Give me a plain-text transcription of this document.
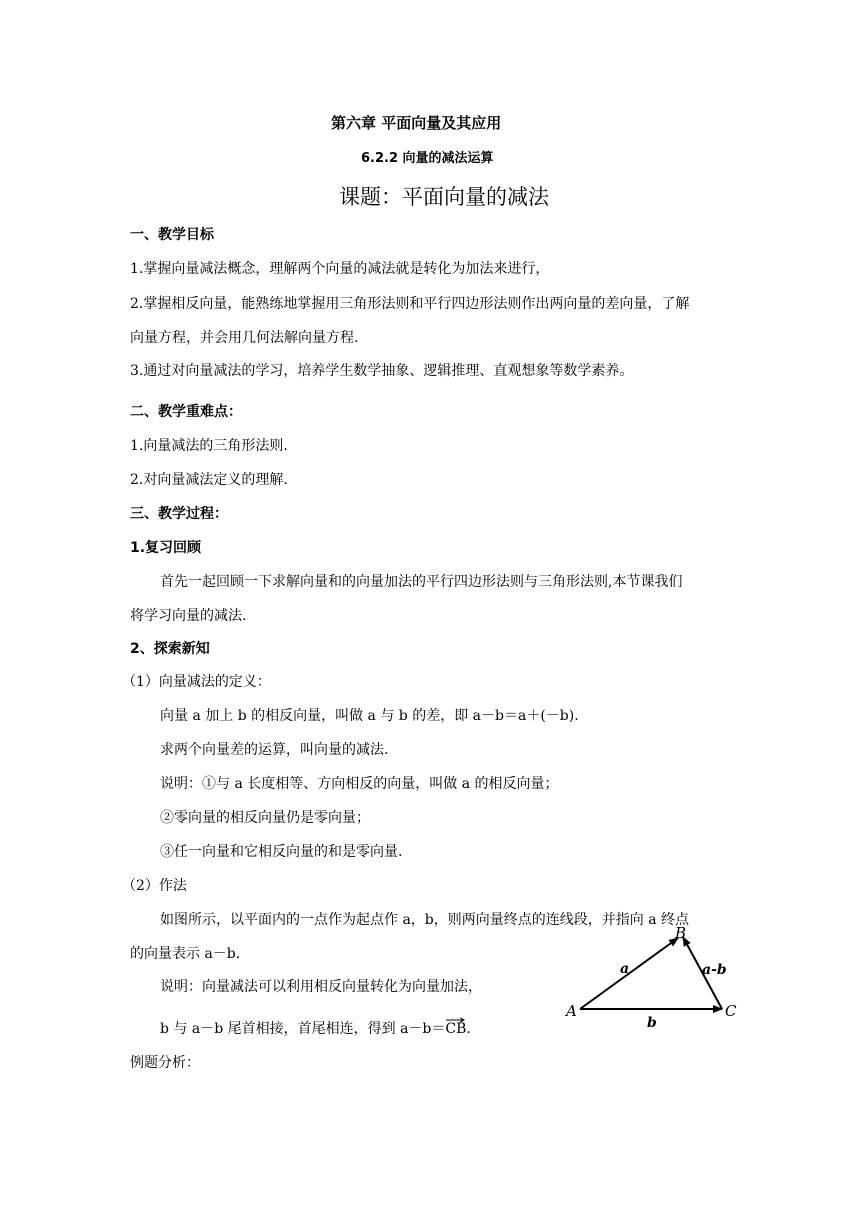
第六章 平面向量及其应用
6.2.2 向量的减法运算
课题：平面向量的减法
一、教学目标
1.掌握向量减法概念，理解两个向量的减法就是转化为加法来进行，
2.掌握相反向量，能熟练地掌握用三角形法则和平行四边形法则作出两向量的差向量，了解
向量方程，并会用几何法解向量方程.
3.通过对向量减法的学习，培养学生数学抽象、逻辑推理、直观想象等数学素养。
二、教学重难点：
1.向量减法的三角形法则.
2.对向量减法定义的理解.
三、教学过程：
1.复习回顾
首先一起回顾一下求解向量和的向量加法的平行四边形法则与三角形法则,本节课我们
将学习向量的减法.
2、探索新知
（1）向量减法的定义：
向量 a 加上 b 的相反向量，叫做 a 与 b 的差，即 a－b＝a＋(－b).
求两个向量差的运算，叫向量的减法.
说明：①与 a 长度相等、方向相反的向量，叫做 a 的相反向量；
②零向量的相反向量仍是零向量；
③任一向量和它相反向量的和是零向量.
（2）作法
如图所示，以平面内的一点作为起点作 a，b，则两向量终点的连线段，并指向 a 终点
的向量表示 a－b.
说明：向量减法可以利用相反向量转化为向量加法，
b 与 a－b 尾首相接，首尾相连，得到 a－b＝
CB.
例题分析：
A
B
C
a	a-b
b
